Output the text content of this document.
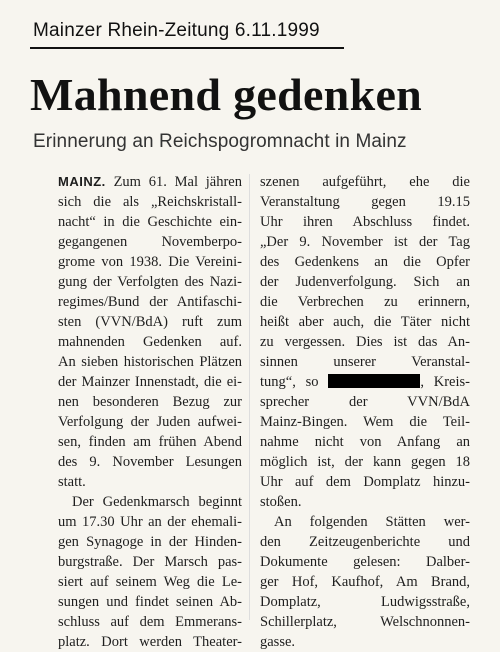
Mainzer Rhein-Zeitung 6.11.1999
Mahnend gedenken
Erinnerung an Reichspogromnacht in Mainz
MAINZ. Zum 61. Mal jähren
sich die als „Reichskristall-
nacht“ in die Geschichte ein-
gegangenen Novemberpo-
grome von 1938. Die Vereini-
gung der Verfolgten des Nazi-
regimes/Bund der Antifaschi-
sten (VVN/BdA) ruft zum
mahnenden Gedenken auf.
An sieben historischen Plätzen
der Mainzer Innenstadt, die ei-
nen besonderen Bezug zur
Verfolgung der Juden aufwei-
sen, finden am frühen Abend
des 9. November Lesungen
statt.
Der Gedenkmarsch beginnt
um 17.30 Uhr an der ehemali-
gen Synagoge in der Hinden-
burgstraße. Der Marsch pas-
siert auf seinem Weg die Le-
sungen und findet seinen Ab-
schluss auf dem Emmerans-
platz. Dort werden Theater-
szenen aufgeführt, ehe die
Veranstaltung gegen 19.15
Uhr ihren Abschluss findet.
„Der 9. November ist der Tag
des Gedenkens an die Opfer
der Judenverfolgung. Sich an
die Verbrechen zu erinnern,
heißt aber auch, die Täter nicht
zu vergessen. Dies ist das An-
sinnen unserer Veranstal-
tung“, so	, Kreis-
sprecher der VVN/BdA
Mainz-Bingen. Wem die Teil-
nahme nicht von Anfang an
möglich ist, der kann gegen 18
Uhr auf dem Domplatz hinzu-
stoßen.
An folgenden Stätten wer-
den Zeitzeugenberichte und
Dokumente gelesen: Dalber-
ger Hof, Kaufhof, Am Brand,
Domplatz, Ludwigsstraße,
Schillerplatz, Welschnonnen-
gasse.
